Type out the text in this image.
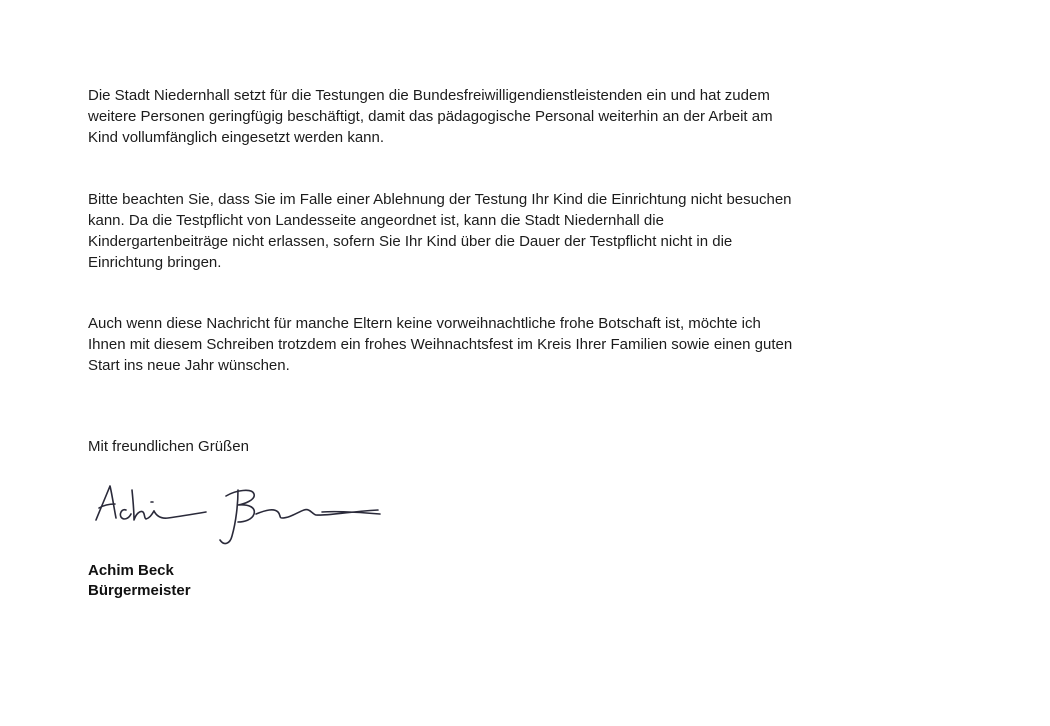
Die Stadt Niedernhall setzt für die Testungen die Bundesfreiwilligendienstleistenden ein und hat zudem
weitere Personen geringfügig beschäftigt, damit das pädagogische Personal weiterhin an der Arbeit am
Kind vollumfänglich eingesetzt werden kann.

Bitte beachten Sie, dass Sie im Falle einer Ablehnung der Testung Ihr Kind die Einrichtung nicht besuchen
kann. Da die Testpflicht von Landesseite angeordnet ist, kann die Stadt Niedernhall die
Kindergartenbeiträge nicht erlassen, sofern Sie Ihr Kind über die Dauer der Testpflicht nicht in die
Einrichtung bringen.

Auch wenn diese Nachricht für manche Eltern keine vorweihnachtliche frohe Botschaft ist, möchte ich
Ihnen mit diesem Schreiben trotzdem ein frohes Weihnachtsfest im Kreis Ihrer Familien sowie einen guten
Start ins neue Jahr wünschen.

Mit freundlichen Grüßen

Achim Beck

Bürgermeister
